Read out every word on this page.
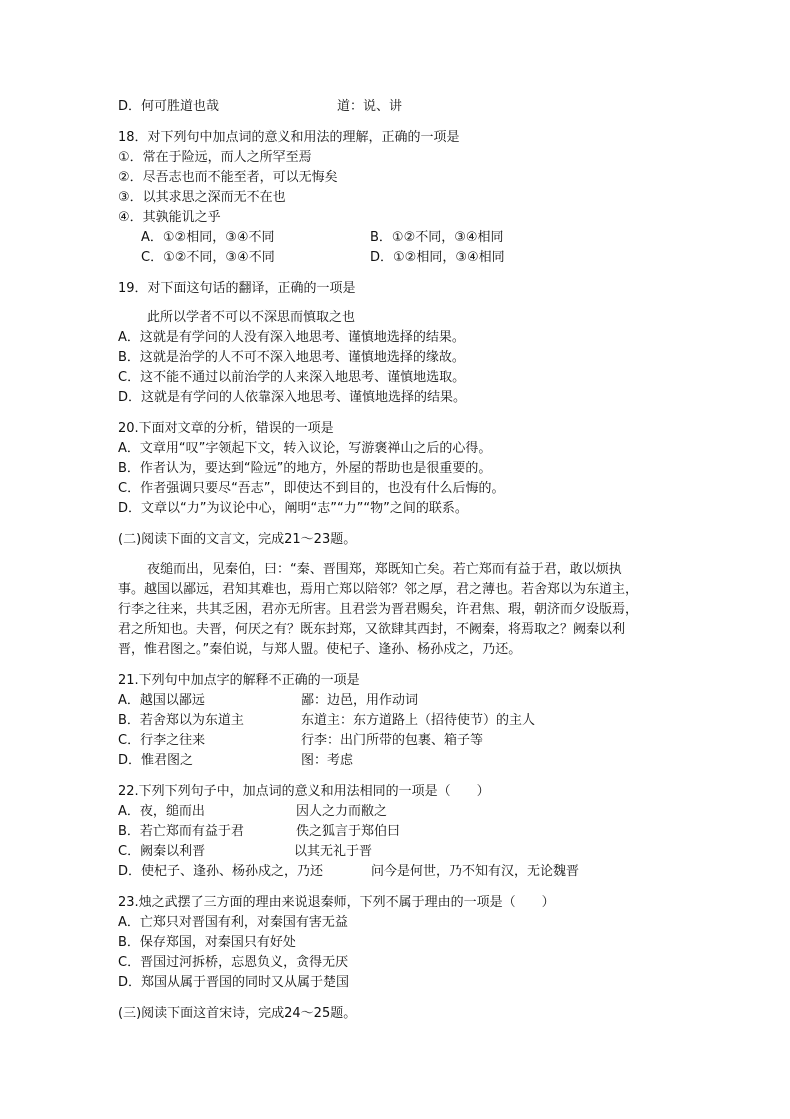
D．何可胜道也哉	道：说、讲
18．对下列句中加点词的意义和用法的理解，正确的一项是
①．常在于险远，而人之所罕至焉
②．尽吾志也而不能至者，可以无悔矣
③．以其求思之深而无不在也
④．其孰能讥之乎
A．①②相同，③④不同	B．①②不同，③④相同
C．①②不同，③④不同	D．①②相同，③④相同
19．对下面这句话的翻译，正确的一项是
此所以学者不可以不深思而慎取之也
A．这就是有学问的人没有深入地思考、谨慎地选择的结果。
B．这就是治学的人不可不深入地思考、谨慎地选择的缘故。
C．这不能不通过以前治学的人来深入地思考、谨慎地选取。
D．这就是有学问的人依靠深入地思考、谨慎地选择的结果。
20.下面对文章的分析，错误的一项是
A．文章用“叹”字领起下文，转入议论，写游褒禅山之后的心得。
B．作者认为，要达到“险远”的地方，外屋的帮助也是很重要的。
C．作者强调只要尽“吾志”，即使达不到目的，也没有什么后悔的。
D．文章以“力”为议论中心，阐明“志”“力”“物”之间的联系。
(二)阅读下面的文言文，完成21～23题。
夜缒而出，见秦伯，曰：“秦、晋围郑，郑既知亡矣。若亡郑而有益于君，敢以烦执
事。越国以鄙远，君知其难也，焉用亡郑以陪邻？邻之厚，君之薄也。若舍郑以为东道主，
行李之往来，共其乏困，君亦无所害。且君尝为晋君赐矣，许君焦、瑕，朝济而夕设版焉，
君之所知也。夫晋，何厌之有？既东封郑，又欲肆其西封，不阙秦，将焉取之？阙秦以利
晋，惟君图之。”秦伯说，与郑人盟。使杞子、逢孙、杨孙戍之，乃还。
21.下列句中加点字的解释不正确的一项是
A．越国以鄙远	鄙：边邑，用作动词
B．若舍郑以为东道主	东道主：东方道路上（招待使节）的主人
C．行李之往来	行李：出门所带的包裹、箱子等
D．惟君图之	图：考虑
22.下列下列句子中，加点词的意义和用法相同的一项是（　　）
A．夜，缒而出	因人之力而敝之
B．若亡郑而有益于君	佚之狐言于郑伯曰
C．阙秦以利晋	以其无礼于晋
D．使杞子、逢孙、杨孙戍之，乃还	问今是何世，乃不知有汉，无论魏晋
23.烛之武摆了三方面的理由来说退秦师，下列不属于理由的一项是（　　）
A．亡郑只对晋国有利，对秦国有害无益
B．保存郑国，对秦国只有好处
C．晋国过河拆桥，忘恩负义，贪得无厌
D．郑国从属于晋国的同时又从属于楚国
(三)阅读下面这首宋诗，完成24～25题。
